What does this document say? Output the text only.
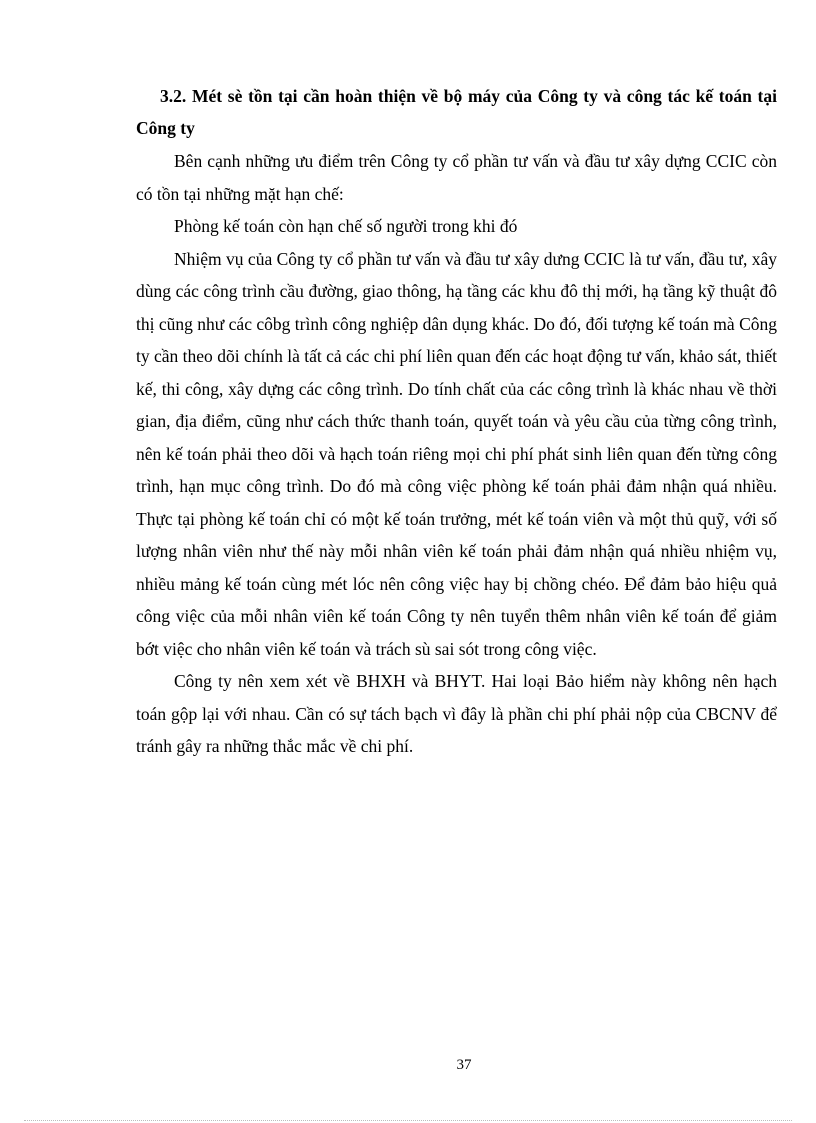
3.2. Mét sè tồn tại cần hoàn thiện về bộ máy của Công ty và công tác kế toán tại Công ty

Bên cạnh những ưu điểm trên Công ty cổ phần tư vấn và đầu tư xây dựng CCIC còn có tồn tại những mặt hạn chế:

Phòng kế toán còn hạn chế số người trong khi đó

Nhiệm vụ của Công ty cổ phần tư vấn và đầu tư xây dưng CCIC là tư vấn, đầu tư, xây dùng các công trình cầu đường, giao thông, hạ tầng các khu đô thị mới, hạ tầng kỹ thuật đô thị cũng như các côbg trình công nghiệp dân dụng khác. Do đó, đối tượng kế toán mà Công ty cần theo dõi chính là tất cả các chi phí liên quan đến các hoạt động tư vấn, khảo sát, thiết kế, thi công, xây dựng các công trình. Do tính chất của các công trình là khác nhau về thời gian, địa điểm, cũng như cách thức thanh toán, quyết toán và yêu cầu của từng công trình, nên kế toán phải theo dõi và hạch toán riêng mọi chi phí phát sinh liên quan đến từng công trình, hạn mục công trình. Do đó mà công việc phòng kế toán phải đảm nhận quá nhiều. Thực tại phòng kế toán chỉ có một kế toán trưởng, mét kế toán viên và một thủ quỹ, với số lượng nhân viên như thế này mỗi nhân viên kế toán phải đảm nhận quá nhiều nhiệm vụ, nhiều mảng kế toán cùng mét lóc nên công việc hay bị chồng chéo. Để đảm bảo hiệu quả công việc của mỗi nhân viên kế toán Công ty nên tuyển thêm nhân viên kế toán để giảm bớt việc cho nhân viên kế toán và trách sù sai sót trong công việc.

Công ty nên xem xét về BHXH và BHYT. Hai loại Bảo hiểm này không nên hạch toán gộp lại với nhau. Cần có sự tách bạch vì đây là phần chi phí phải nộp của CBCNV để tránh gây ra những thắc mắc về chi phí.

37
